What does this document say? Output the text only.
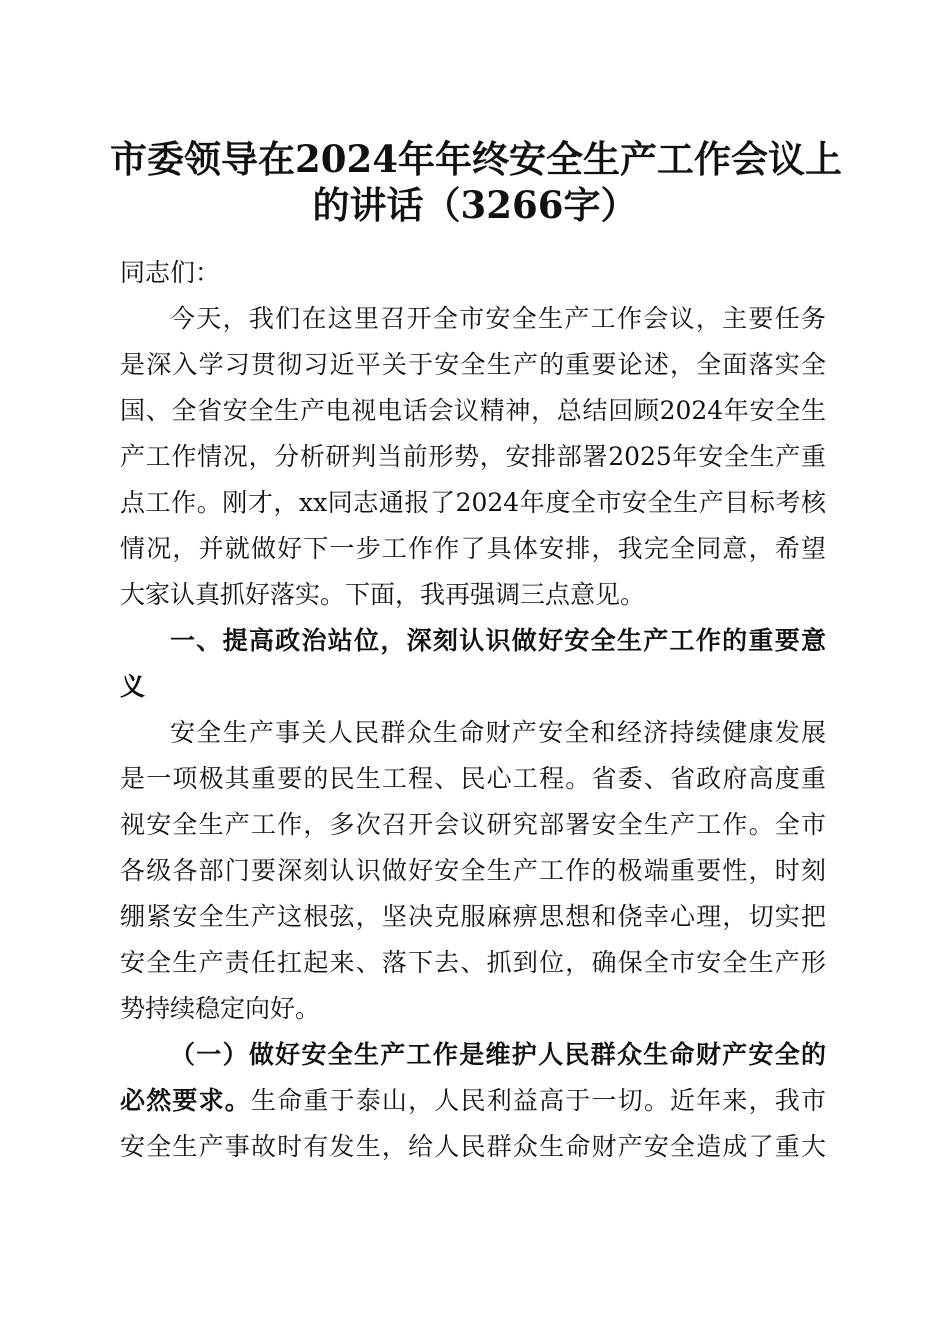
市委领导在2024年年终安全生产工作会议上
的讲话（3266字）

同志们：

今天，我们在这里召开全市安全生产工作会议，主要任务
是深入学习贯彻习近平关于安全生产的重要论述，全面落实全
国、全省安全生产电视电话会议精神，总结回顾2024年安全生
产工作情况，分析研判当前形势，安排部署2025年安全生产重
点工作。刚才，xx同志通报了2024年度全市安全生产目标考核
情况，并就做好下一步工作作了具体安排，我完全同意，希望
大家认真抓好落实。下面，我再强调三点意见。

一、提高政治站位，深刻认识做好安全生产工作的重要意
义

安全生产事关人民群众生命财产安全和经济持续健康发展
是一项极其重要的民生工程、民心工程。省委、省政府高度重
视安全生产工作，多次召开会议研究部署安全生产工作。全市
各级各部门要深刻认识做好安全生产工作的极端重要性，时刻
绷紧安全生产这根弦，坚决克服麻痹思想和侥幸心理，切实把
安全生产责任扛起来、落下去、抓到位，确保全市安全生产形
势持续稳定向好。

（一）做好安全生产工作是维护人民群众生命财产安全的
必然要求。生命重于泰山，人民利益高于一切。近年来，我市
安全生产事故时有发生，给人民群众生命财产安全造成了重大
